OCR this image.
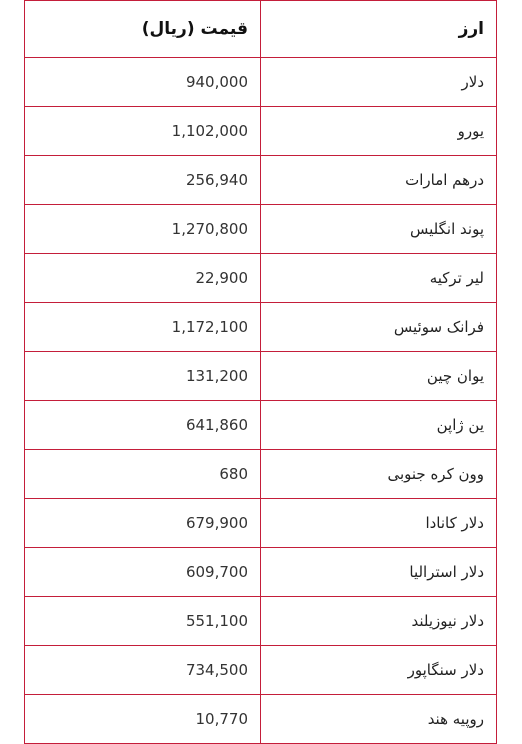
ارز	قیمت (ریال)
دلار	940,000
یورو	1,102,000
درهم امارات	256,940
پوند انگلیس	1,270,800
لیر ترکیه	22,900
فرانک سوئیس	1,172,100
یوان چین	131,200
ین ژاپن	641,860
وون کره جنوبی	680
دلار کانادا	679,900
دلار استرالیا	609,700
دلار نیوزیلند	551,100
دلار سنگاپور	734,500
روپیه هند	10,770
